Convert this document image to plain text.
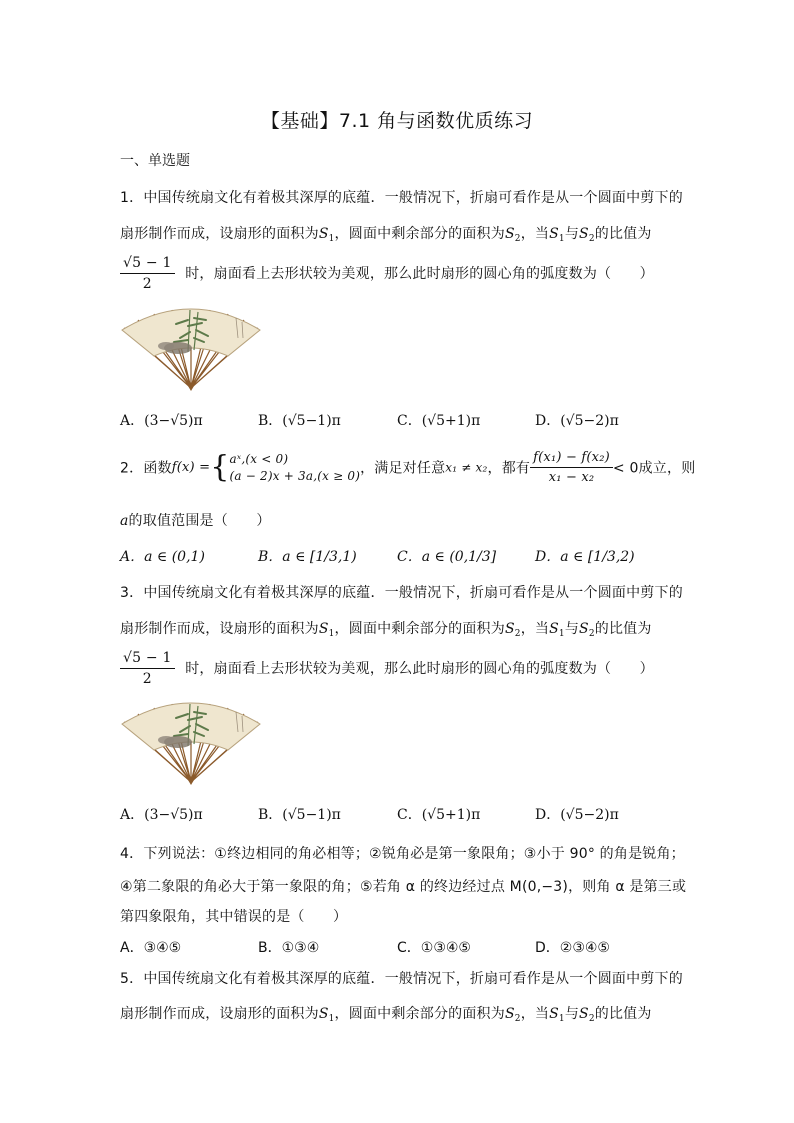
【基础】7.1 角与函数优质练习
一、单选题
1．中国传统扇文化有着极其深厚的底蕴．一般情况下，折扇可看作是从一个圆面中剪下的
扇形制作而成，设扇形的面积为$S_1$，圆面中剩余部分的面积为$S_2$，当$S_1$与$S_2$的比值为
$\frac{√5 - 1}{2}$ 时，扇面看上去形状较为美观，那么此时扇形的圆心角的弧度数为（　　）
A．(3−√5)π	B．(√5−1)π	C．(√5+1)π	D．(√5−2)π
2．函数f(x) ={ aˣ,(x < 0)
(a − 2)x + 3a,(x ≥ 0) ，满足对任意x₁ ≠ x₂，都有 $\frac{\text{f(x₁) − f(x₂)}}{\text{x₁ − x₂}} < 0$成立，则
a的取值范围是（　　）
A．a ∈ (0,1)	B．a ∈ [1/3,1)	C．a ∈ (0,1/3]	D．a ∈ [1/3,2)
3．中国传统扇文化有着极其深厚的底蕴．一般情况下，折扇可看作是从一个圆面中剪下的
扇形制作而成，设扇形的面积为$S_1$，圆面中剩余部分的面积为$S_2$，当$S_1$与$S_2$的比值为
$\frac{√5 - 1}{2}$ 时，扇面看上去形状较为美观，那么此时扇形的圆心角的弧度数为（　　）
A．(3−√5)π	B．(√5−1)π	C．(√5+1)π	D．(√5−2)π
4．下列说法：①终边相同的角必相等；②锐角必是第一象限角；③小于 90° 的角是锐角；
④第二象限的角必大于第一象限的角；⑤若角 α 的终边经过点 M(0,−3)，则角 α 是第三或
第四象限角，其中错误的是（　　）
A．③④⑤	B．①③④	C．①③④⑤	D．②③④⑤
5．中国传统扇文化有着极其深厚的底蕴．一般情况下，折扇可看作是从一个圆面中剪下的
扇形制作而成，设扇形的面积为$S_1$，圆面中剩余部分的面积为$S_2$，当$S_1$与$S_2$的比值为
